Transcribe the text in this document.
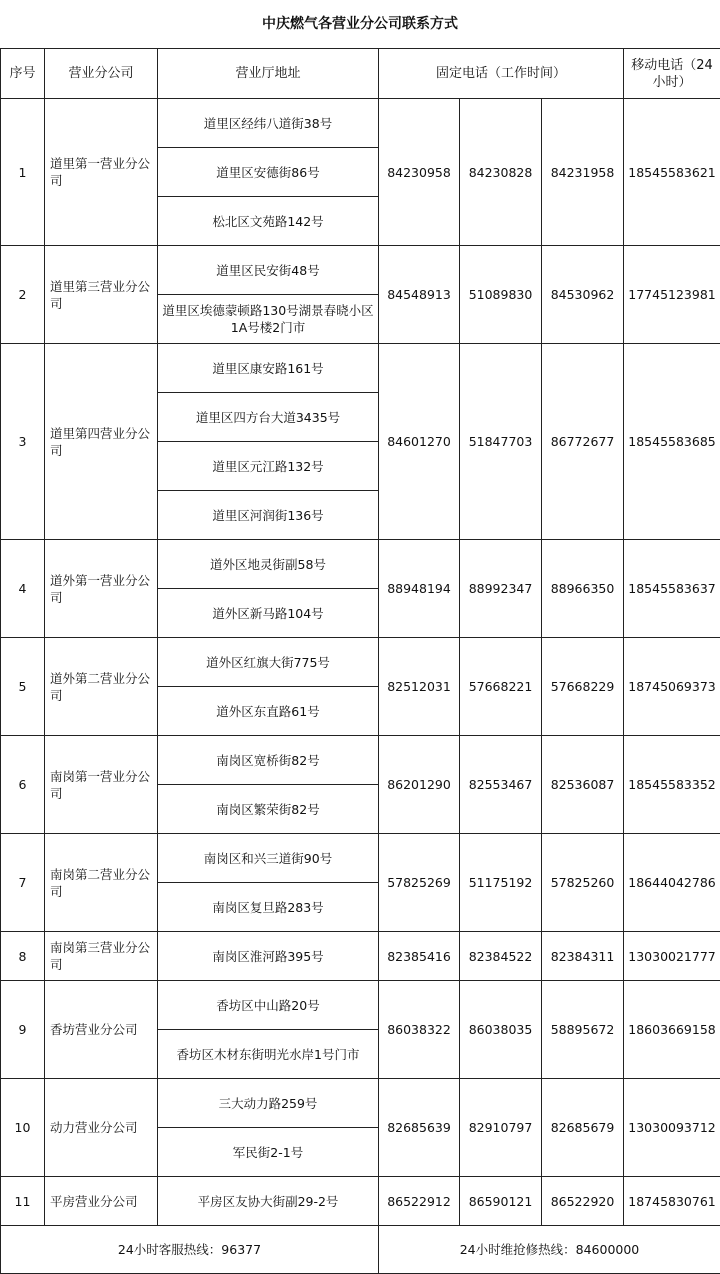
中庆燃气各营业分公司联系方式
序号	营业分公司	营业厅地址	固定电话（工作时间）			移动电话（24小时）
1	道里第一营业分公司	道里区经纬八道街38号	84230958	84230828	84231958	18545583621
		道里区安德街86号				
		松北区文苑路142号				
2	道里第三营业分公司	道里区民安街48号	84548913	51089830	84530962	17745123981
		道里区埃德蒙顿路130号湖景春晓小区1A号楼2门市				
3	道里第四营业分公司	道里区康安路161号	84601270	51847703	86772677	18545583685
		道里区四方台大道3435号				
		道里区元江路132号				
		道里区河润街136号				
4	道外第一营业分公司	道外区地灵街副58号	88948194	88992347	88966350	18545583637
		道外区新马路104号				
5	道外第二营业分公司	道外区红旗大街775号	82512031	57668221	57668229	18745069373
		道外区东直路61号				
6	南岗第一营业分公司	南岗区宽桥街82号	86201290	82553467	82536087	18545583352
		南岗区繁荣街82号				
7	南岗第二营业分公司	南岗区和兴三道街90号	57825269	51175192	57825260	18644042786
		南岗区复旦路283号				
8	南岗第三营业分公司	南岗区淮河路395号	82385416	82384522	82384311	13030021777
9	香坊营业分公司	香坊区中山路20号	86038322	86038035	58895672	18603669158
		香坊区木材东街明光水岸1号门市				
10	动力营业分公司	三大动力路259号	82685639	82910797	82685679	13030093712
		军民街2-1号				
11	平房营业分公司	平房区友协大街副29-2号	86522912	86590121	86522920	18745830761
24小时客服热线：96377			24小时维抢修热线：84600000			
